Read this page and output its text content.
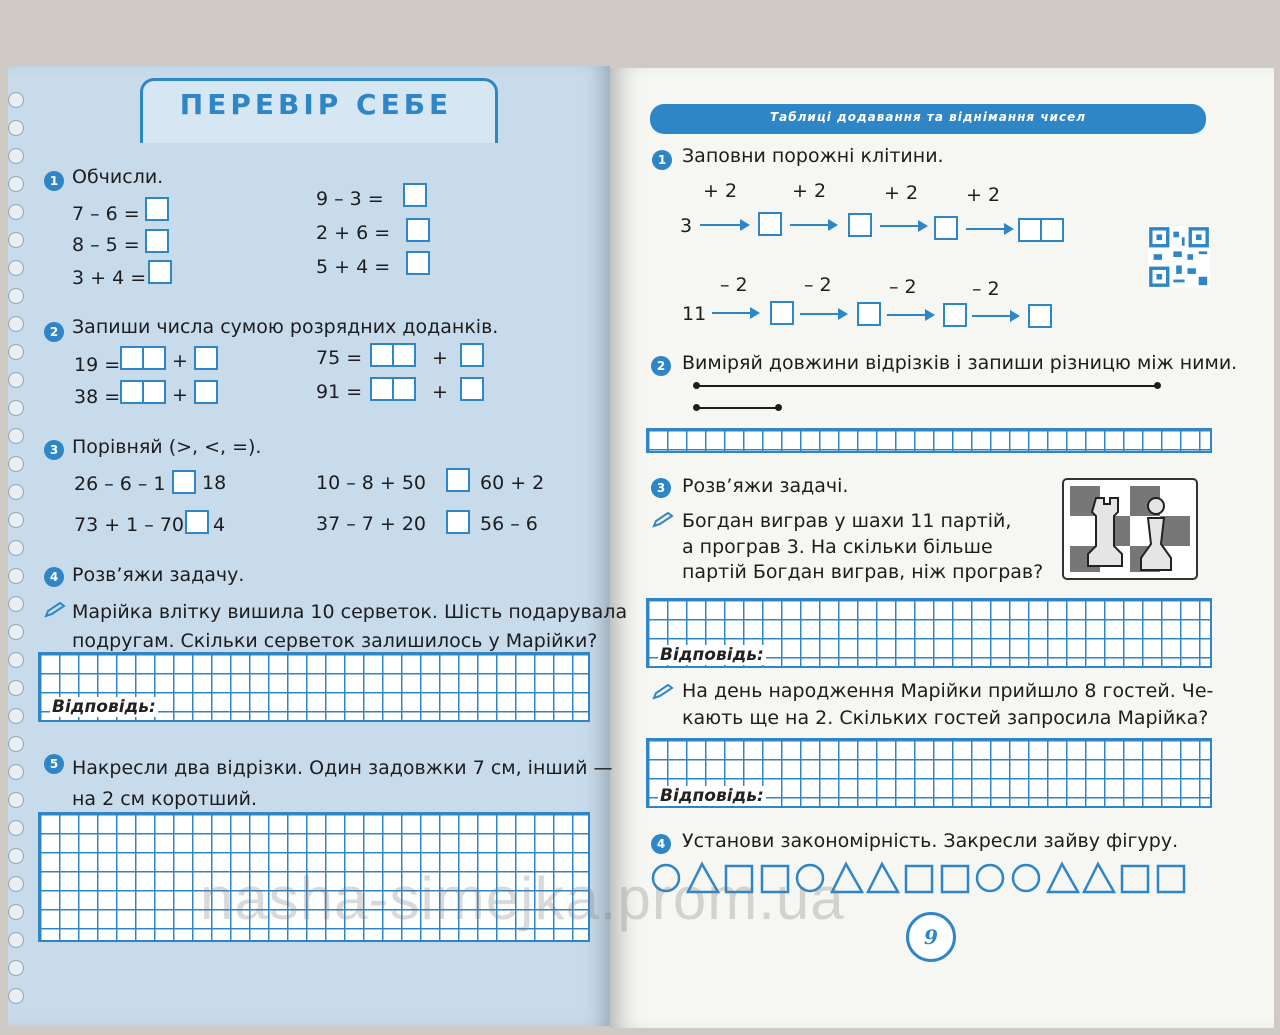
ПЕРЕВІР СЕБЕ
1 Обчисли.
7 – 6 =
8 – 5 =
3 + 4 =
9 – 3 =
2 + 6 =
5 + 4 =
2 Запиши числа сумою розрядних доданків.
19 =	+
38 =	+
75 =	+
91 =	+
3 Порівняй (>, <, =).
26 – 6 – 1 18
73 + 1 – 70 4
10 – 8 + 50	60 + 2
37 – 7 + 20	56 – 6
4 Розв’яжи задачу.
Марійка влітку вишила 10 серветок. Шість подарувала
подругам. Скільки серветок залишилось у Марійки?
Відповідь:
5 Накресли два відрізки. Один задовжки 7 см, інший —
на 2 см коротший.
Таблиці додавання та віднімання чисел
1 Заповни порожні клітини.
+ 2	+ 2	+ 2	+ 2
3
– 2	– 2	– 2	– 2
11
2 Виміряй довжини відрізків і запиши різницю між ними.
3 Розв’яжи задачі.
Богдан виграв у шахи 11 партій,
а програв 3. На скільки більше
партій Богдан виграв, ніж програв?
Відповідь:
На день народження Марійки прийшло 8 гостей. Че-
кають ще на 2. Скільких гостей запросила Марійка?
Відповідь:
4 Установи закономірність. Закресли зайву фігуру.
9
nasha-simejka.prom.ua
